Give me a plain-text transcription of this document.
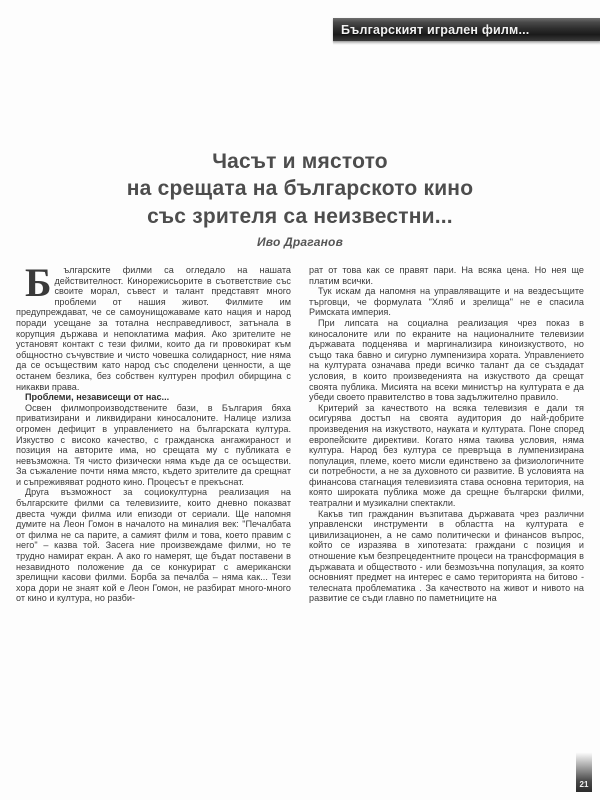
Българският игрален филм...
Часът и мястото
на срещата на българското кино
със зрителя са неизвестни...
Иво Драганов

Б	ългарските филми са огледало на нашата действителност. Кинорежисьорите в съответствие със своите морал, съвест и талант представят много проблеми от нашия живот. Филмите им предупреждават, че се самоунищожаваме като нация и народ поради усещане за тотална несправедливост, затънала в корупция държава и непоклатима мафия. Ако зрителите не установят контакт с тези филми, които да ги провокират към общностно съчувствие и чисто човешка солидарност, ние няма да се осъществим като народ със споделени ценности, а ще останем безлика, без собствен културен профил обирщина с никакви права.

Проблеми, независещи от нас...

Освен филмопроизводствените бази, в България бяха приватизирани и ликвидирани киносалоните. Налице излиза огромен дефицит в управлението на българската култура. Изкуство с високо качество, с гражданска ангажираност и позиция на авторите има, но срещата му с публиката е невъзможна. Тя чисто физически няма къде да се осъществи. За съжаление почти няма място, където зрителите да срещнат и съпреживяват родното кино. Процесът е прекъснат.

Друга възможност за социокултурна реализация на българските филми са телевизиите, които дневно показват двеста чужди филма или епизоди от сериали. Ще напомня думите на Леон Гомон в началото на миналия век: "Печалбата от филма не са парите, а самият филм и това, което правим с него" – казва той. Засега ние произвеждаме филми, но те трудно намират екран. А ако го намерят, ще бъдат поставени в незавидното положение да се конкурират с американски зрелищни касови филми. Борба за печалба – няма как... Тези хора дори не знаят кой е Леон Гомон, не разбират много-много от кино и култура, но разби-

рат от това как се правят пари. На всяка цена. Но нея ще платим всички.

Тук искам да напомня на управляващите и на вездесъщите търговци, че формулата "Хляб и зрелища" не е спасила Римската империя.

При липсата на социална реализация чрез показ в киносалоните или по екраните на националните телевизии държавата подценява и маргинализира киноизкуството, но също така бавно и сигурно лумпенизира хората. Управлението на културата означава преди всичко талант да се създадат условия, в които произведенията на изкуството да срещат своята публика. Мисията на всеки министър на културата е да убеди своето правителство в това задължително правило.

Критерий за качеството на всяка телевизия е дали тя осигурява достъп на своята аудитория до най-добрите произведения на изкуството, науката и културата. Поне според европейските директиви. Когато няма такива условия, няма култура. Народ без култура се превръща в лумпенизирана популация, племе, което мисли единствено за физиологичните си потребности, а не за духовното си развитие. В условията на финансова стагнация телевизията става основна територия, на която широката публика може да срещне български филми, театрални и музикални спектакли.

Какъв тип гражданин възпитава държавата чрез различни управленски инструменти в областта на културата е цивилизационен, а не само политически и финансов въпрос, който се изразява в хипотезата: граждани с позиция и отношение към безпрецедентните процеси на трансформация в държавата и обществото - или безмозъчна популация, за която основният предмет на интерес е само територията на битово - телесната проблематика . За качеството на живот и нивото на развитие се съди главно по паметниците на

21
